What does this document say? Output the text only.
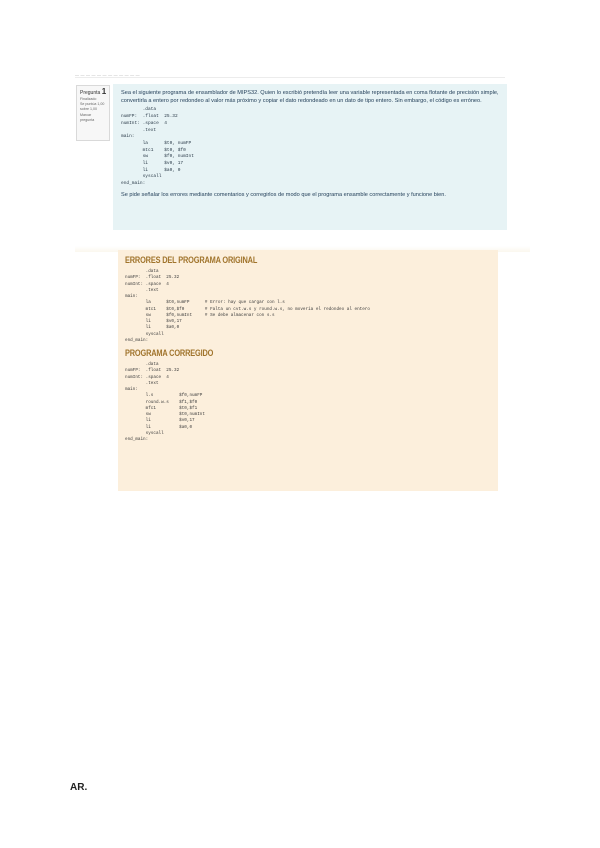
— — — — — — — — — — — —
Pregunta 1
Finalizado
Se puntúa 1,00
sobre 1,00
Marcar
pregunta

Sea el siguiente programa de ensamblador de MIPS32. Quien lo escribió pretendía leer una variable representada en coma flotante de precisión simple, convertirla a entero por redondeo al valor más próximo y copiar el dato redondeado en un dato de tipo entero. Sin embargo, el código es erróneo.

.data
numFP:  .float  25.32
numInt: .space  4
.text
main:
la      $t0, numFP
mtc1    $t0, $f0
sw      $f0, numInt
li      $v0, 17
li      $a0, 0
syscall
end_main:

Se pide señalar los errores mediante comentarios y corregirlos de modo que el programa ensamble correctamente y funcione bien.

ERRORES DEL PROGRAMA ORIGINAL
.data
numFP:  .float  25.32
numInt: .space  4
.text
main:
la      $t0,numFP      # Error: hay que cargar con l.s
mtc1    $t0,$f0        # Falta un cvt.w.s y round.w.s, no movería el redondeo al entero
sw      $f0,numInt     # Se debe almacenar con s.s
li      $v0,17
li      $a0,0
syscall
end_main:
PROGRAMA CORREGIDO
.data
numFP:  .float  25.32
numInt: .space  4
.text
main:
l.s          $f0,numFP
round.w.s    $f1,$f0
mfc1         $t0,$f1
sw           $t0,numInt
li           $v0,17
li           $a0,0
syscall
end_main:
AR.
